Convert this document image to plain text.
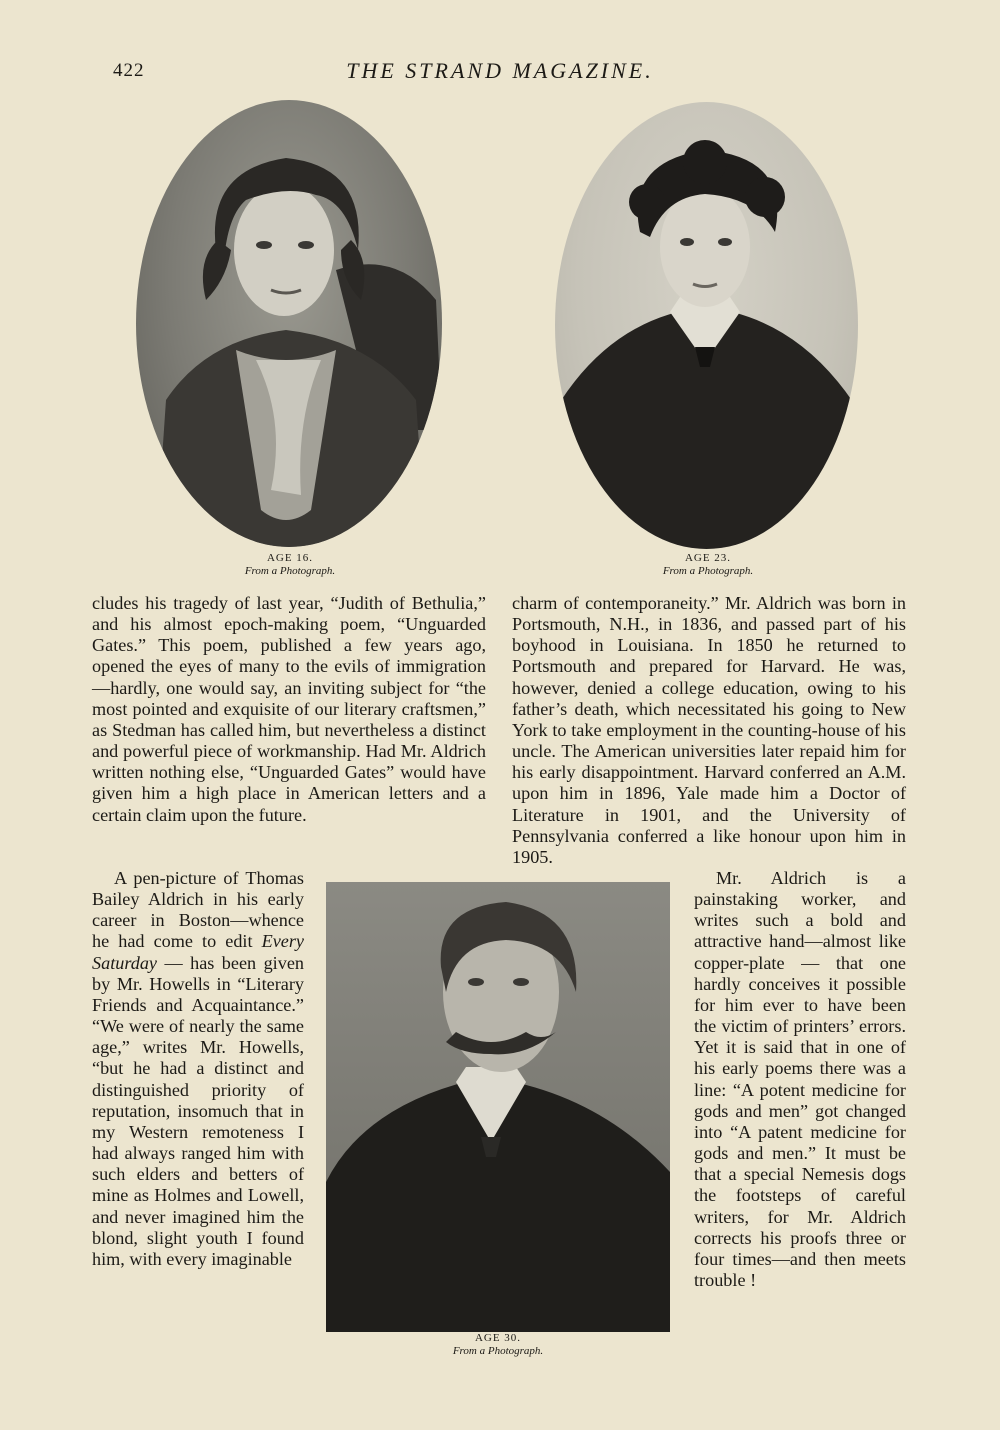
422	THE STRAND MAGAZINE.
AGE 16.
From a Photograph.
AGE 23.
From a Photograph.

cludes his tragedy of last year, “Judith of Bethulia,” and his almost epoch-making poem, “Unguarded Gates.” This poem, published a few years ago, opened the eyes of many to the evils of immigration—hardly, one would say, an inviting subject for “the most pointed and exquisite of our literary craftsmen,” as Stedman has called him, but nevertheless a distinct and powerful piece of workmanship. Had Mr. Aldrich written nothing else, “Unguarded Gates” would have given him a high place in American letters and a certain claim upon the future.

charm of contemporaneity.” Mr. Aldrich was born in Portsmouth, N.H., in 1836, and passed part of his boyhood in Louisiana. In 1850 he returned to Portsmouth and prepared for Harvard. He was, however, denied a college education, owing to his father’s death, which necessitated his going to New York to take employment in the counting-house of his uncle. The American universities later repaid him for his early disappointment. Harvard conferred an A.M. upon him in 1896, Yale made him a Doctor of Literature in 1901, and the University of Pennsylvania conferred a like honour upon him in 1905.

AGE 30.
From a Photograph.

A pen-picture of Thomas Bailey Aldrich in his early career in Boston—whence he had come to edit Every Saturday — has been given by Mr. Howells in “Literary Friends and Acquaintance.” “We were of nearly the same age,” writes Mr. Howells, “but he had a distinct and distinguished priority of reputation, insomuch that in my Western remoteness I had always ranged him with such elders and betters of mine as Holmes and Lowell, and never imagined him the blond, slight youth I found him, with every imaginable

Mr. Aldrich is a painstaking worker, and writes such a bold and attractive hand—almost like copper-plate — that one hardly conceives it possible for him ever to have been the victim of printers’ errors. Yet it is said that in one of his early poems there was a line: “A potent medicine for gods and men” got changed into “A patent medicine for gods and men.” It must be that a special Nemesis dogs the footsteps of careful writers, for Mr. Aldrich corrects his proofs three or four times—and then meets trouble !
